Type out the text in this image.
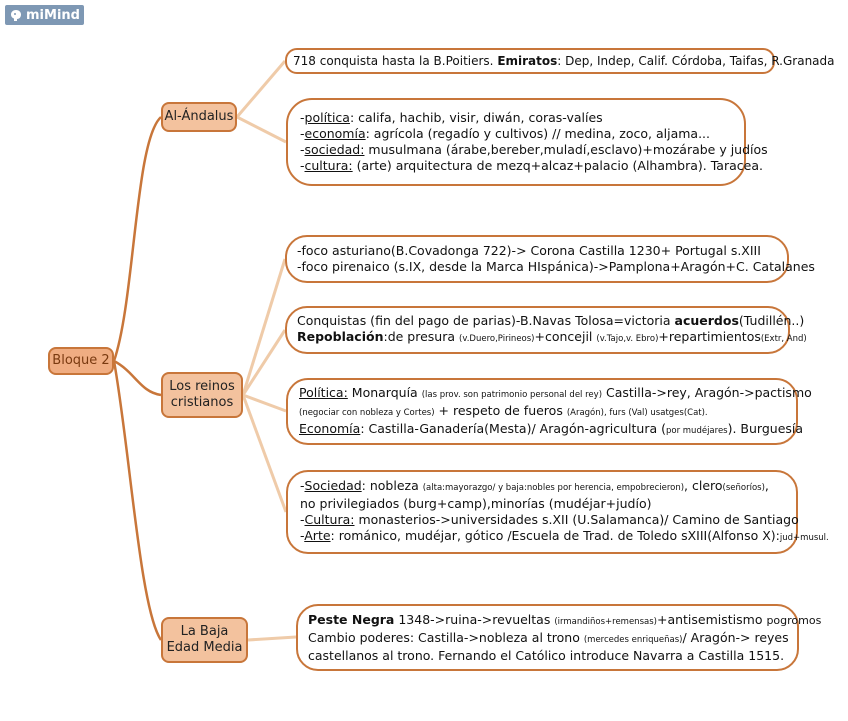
miMind
Bloque 2
Al-Ándalus
Los reinos
cristianos
La Baja
Edad Media
718 conquista hasta la B.Poitiers. Emiratos: Dep, Indep, Calif. Córdoba, Taifas, R.Granada
-política: califa, hachib, visir, diwán, coras-valíes
-economía: agrícola (regadío y cultivos) // medina, zoco, aljama...
-sociedad: musulmana (árabe,bereber,muladí,esclavo)+mozárabe y judíos
-cultura: (arte) arquitectura de mezq+alcaz+palacio (Alhambra). Taracea.
-foco asturiano(B.Covadonga 722)-> Corona Castilla 1230+ Portugal s.XIII
-foco pirenaico (s.IX, desde la Marca HIspánica)->Pamplona+Aragón+C. Catalanes
Conquistas (fin del pago de parias)-B.Navas Tolosa=victoria acuerdos(Tudillén..)
Repoblación:de presura (v.Duero,Pirineos)+concejil (v.Tajo,v. Ebro)+repartimientos(Extr, And)
Política: Monarquía (las prov. son patrimonio personal del rey) Castilla->rey, Aragón->pactismo
(negociar con nobleza y Cortes) + respeto de fueros (Aragón), furs (Val) usatges(Cat).
Economía: Castilla-Ganadería(Mesta)/ Aragón-agricultura (por mudéjares). Burguesía
-Sociedad: nobleza (alta:mayorazgo/ y baja:nobles por herencia, empobrecieron), clero(señoríos),
no privilegiados (burg+camp),minorías (mudéjar+judío)
-Cultura: monasterios->universidades s.XII (U.Salamanca)/ Camino de Santiago
-Arte: románico, mudéjar, gótico /Escuela de Trad. de Toledo sXIII(Alfonso X):jud+musul.
Peste Negra 1348->ruina->revueltas (irmandiños+remensas)+antisemistismo pogromos
Cambio poderes: Castilla->nobleza al trono (mercedes enriqueñas)/ Aragón-> reyes
castellanos al trono. Fernando el Católico introduce Navarra a Castilla 1515.
